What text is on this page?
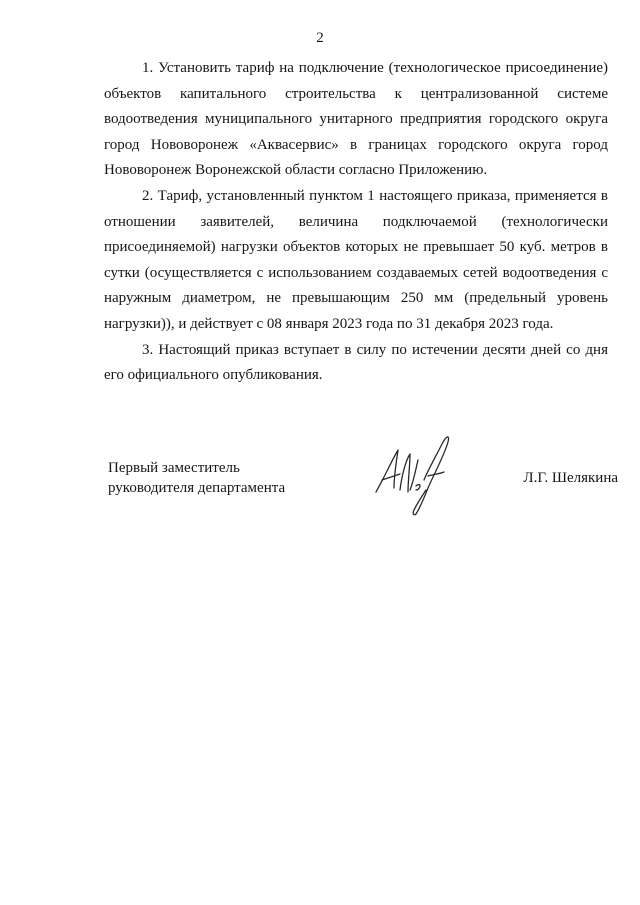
2

1. Установить тариф на подключение (технологическое присоединение) объектов капитального строительства к централизованной системе водоотведения муниципального унитарного предприятия городского округа город Нововоронеж «Аквасервис» в границах городского округа город Нововоронеж Воронежской области согласно Приложению.

2. Тариф, установленный пунктом 1 настоящего приказа, применяется в отношении заявителей, величина подключаемой (технологически присоединяемой) нагрузки объектов которых не превышает 50 куб. метров в сутки (осуществляется с использованием создаваемых сетей водоотведения с наружным диаметром, не превышающим 250 мм (предельный уровень нагрузки)), и действует с 08 января 2023 года по 31 декабря 2023 года.

3. Настоящий приказ вступает в силу по истечении десяти дней со дня его официального опубликования.

Первый заместитель
руководителя департамента
Л.Г. Шелякина
